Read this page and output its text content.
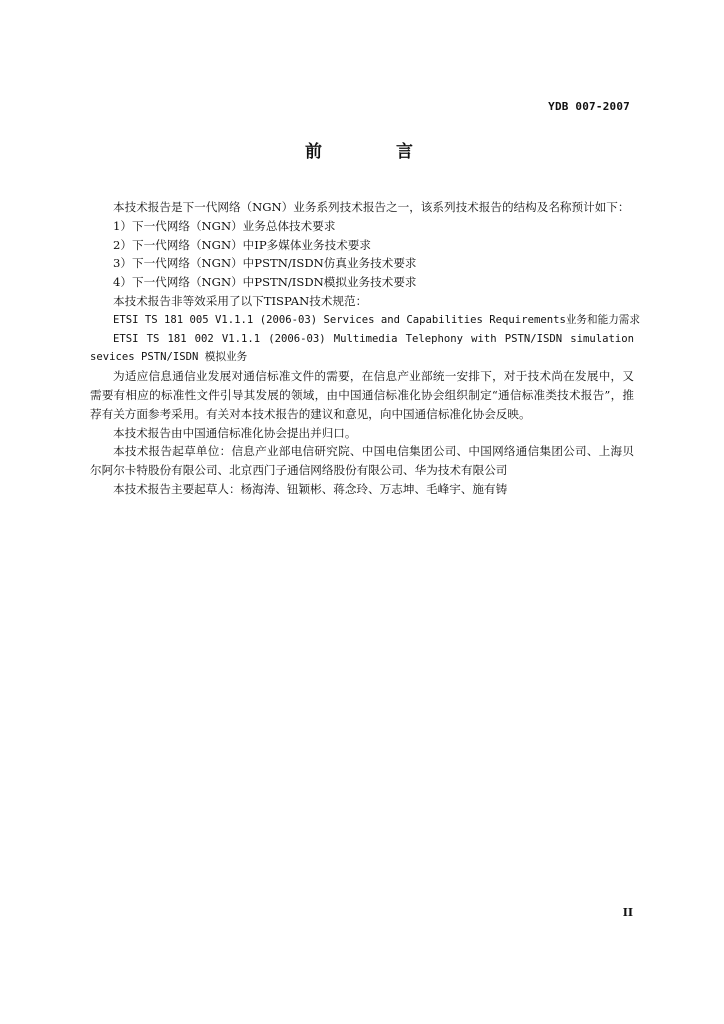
YDB 007-2007
前 言

本技术报告是下一代网络（NGN）业务系列技术报告之一，该系列技术报告的结构及名称预计如下：

1）下一代网络（NGN）业务总体技术要求

2）下一代网络（NGN）中IP多媒体业务技术要求

3）下一代网络（NGN）中PSTN/ISDN仿真业务技术要求

4）下一代网络（NGN）中PSTN/ISDN模拟业务技术要求

本技术报告非等效采用了以下TISPAN技术规范：

ETSI TS 181 005 V1.1.1 (2006-03) Services and Capabilities Requirements业务和能力需求

ETSI TS 181 002 V1.1.1 (2006-03) Multimedia Telephony with PSTN/ISDN simulation sevices PSTN/ISDN 模拟业务

为适应信息通信业发展对通信标准文件的需要，在信息产业部统一安排下，对于技术尚在发展中，又需要有相应的标准性文件引导其发展的领域，由中国通信标准化协会组织制定“通信标准类技术报告”，推荐有关方面参考采用。有关对本技术报告的建议和意见，向中国通信标准化协会反映。

本技术报告由中国通信标准化协会提出并归口。

本技术报告起草单位：信息产业部电信研究院、中国电信集团公司、中国网络通信集团公司、上海贝尔阿尔卡特股份有限公司、北京西门子通信网络股份有限公司、华为技术有限公司

本技术报告主要起草人：杨海涛、钮颖彬、蒋念玲、万志坤、毛峰宇、施有铸

II
